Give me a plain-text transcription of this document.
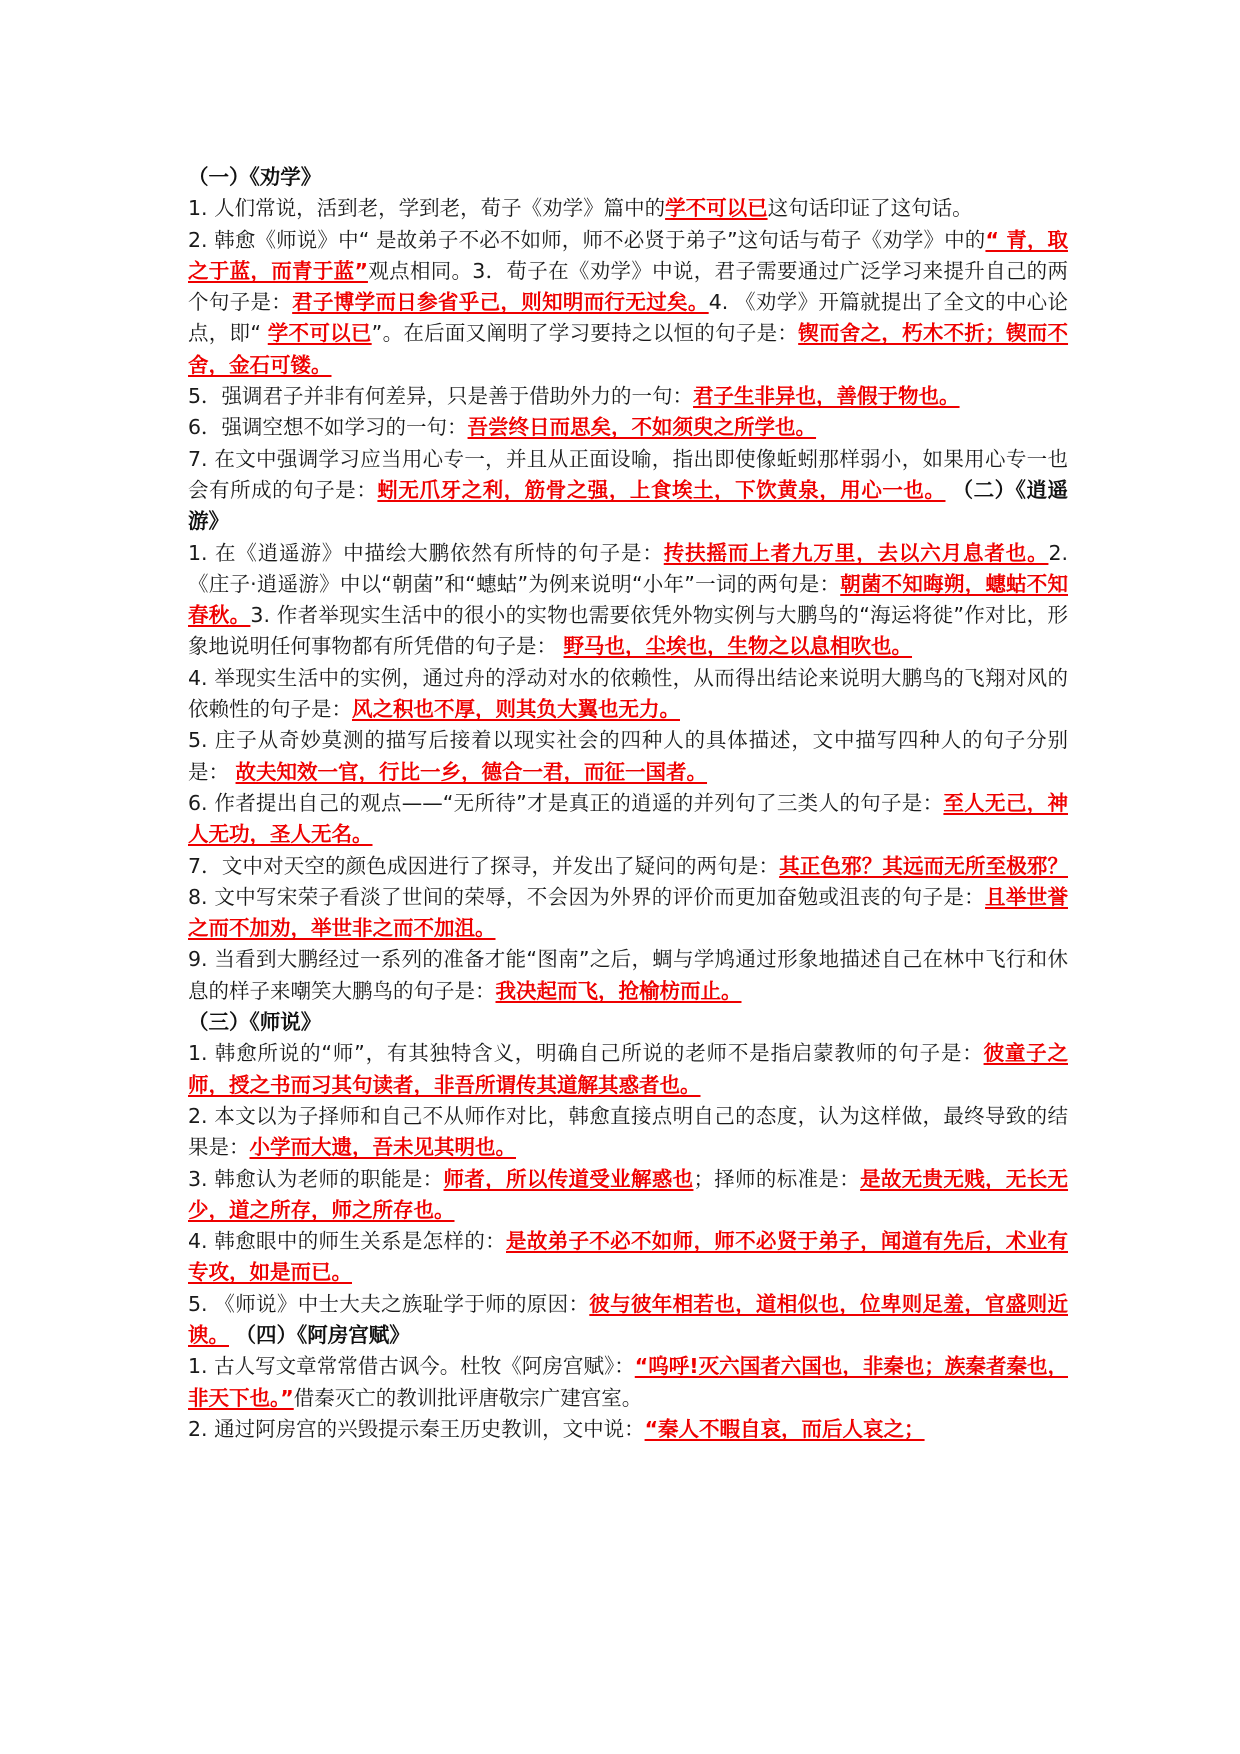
（一）《劝学》

1. 人们常说，活到老，学到老，荀子《劝学》篇中的学不可以已这句话印证了这句话。

2. 韩愈《师说》中“ 是故弟子不必不如师，师不必贤于弟子”这句话与荀子《劝学》中的“ 青，取之于蓝，而青于蓝”观点相同。3．荀子在《劝学》中说，君子需要通过广泛学习来提升自己的两个句子是：君子博学而日参省乎己，则知明而行无过矣。4. 《劝学》开篇就提出了全文的中心论点，即“ 学不可以已”。在后面又阐明了学习要持之以恒的句子是：锲而舍之，朽木不折；锲而不舍，金石可镂。

5．强调君子并非有何差异，只是善于借助外力的一句：君子生非异也，善假于物也。

6．强调空想不如学习的一句：吾尝终日而思矣，不如须臾之所学也。

7. 在文中强调学习应当用心专一，并且从正面设喻，指出即使像蚯蚓那样弱小，如果用心专一也会有所成的句子是：蚓无爪牙之利，筋骨之强，上食埃土，下饮黄泉，用心一也。 （二）《逍遥游》

1. 在《逍遥游》中描绘大鹏依然有所恃的句子是：抟扶摇而上者九万里，去以六月息者也。2. 《庄子·逍遥游》中以“朝菌”和“蟪蛄”为例来说明“小年”一词的两句是：朝菌不知晦朔，蟪蛄不知春秋。3. 作者举现实生活中的很小的实物也需要依凭外物实例与大鹏鸟的“海运将徙”作对比，形象地说明任何事物都有所凭借的句子是： 野马也，尘埃也，生物之以息相吹也。

4. 举现实生活中的实例，通过舟的浮动对水的依赖性，从而得出结论来说明大鹏鸟的飞翔对风的依赖性的句子是：风之积也不厚，则其负大翼也无力。

5. 庄子从奇妙莫测的描写后接着以现实社会的四种人的具体描述，文中描写四种人的句子分别是： 故夫知效一官，行比一乡，德合一君，而征一国者。

6. 作者提出自己的观点——“无所待”才是真正的逍遥的并列句了三类人的句子是：至人无己，神人无功，圣人无名。

7．文中对天空的颜色成因进行了探寻，并发出了疑问的两句是：其正色邪？其远而无所至极邪？8. 文中写宋荣子看淡了世间的荣辱，不会因为外界的评价而更加奋勉或沮丧的句子是：且举世誉之而不加劝，举世非之而不加沮。

9. 当看到大鹏经过一系列的准备才能“图南”之后，蜩与学鸠通过形象地描述自己在林中飞行和休息的样子来嘲笑大鹏鸟的句子是：我决起而飞，抢榆枋而止。

（三）《师说》

1. 韩愈所说的“师”，有其独特含义，明确自己所说的老师不是指启蒙教师的句子是：彼童子之师，授之书而习其句读者，非吾所谓传其道解其惑者也。

2. 本文以为子择师和自己不从师作对比，韩愈直接点明自己的态度，认为这样做，最终导致的结果是：小学而大遗，吾未见其明也。

3. 韩愈认为老师的职能是：师者，所以传道受业解惑也；择师的标准是：是故无贵无贱，无长无少，道之所存，师之所存也。

4. 韩愈眼中的师生关系是怎样的：是故弟子不必不如师，师不必贤于弟子，闻道有先后，术业有专攻，如是而已。

5. 《师说》中士大夫之族耻学于师的原因：彼与彼年相若也，道相似也，位卑则足羞，官盛则近谀。 （四）《阿房宫赋》

1. 古人写文章常常借古讽今。杜牧《阿房宫赋》：“呜呼!灭六国者六国也，非秦也；族秦者秦也，非天下也。”借秦灭亡的教训批评唐敬宗广建宫室。

2. 通过阿房宫的兴毁提示秦王历史教训，文中说：“秦人不暇自哀，而后人哀之；
